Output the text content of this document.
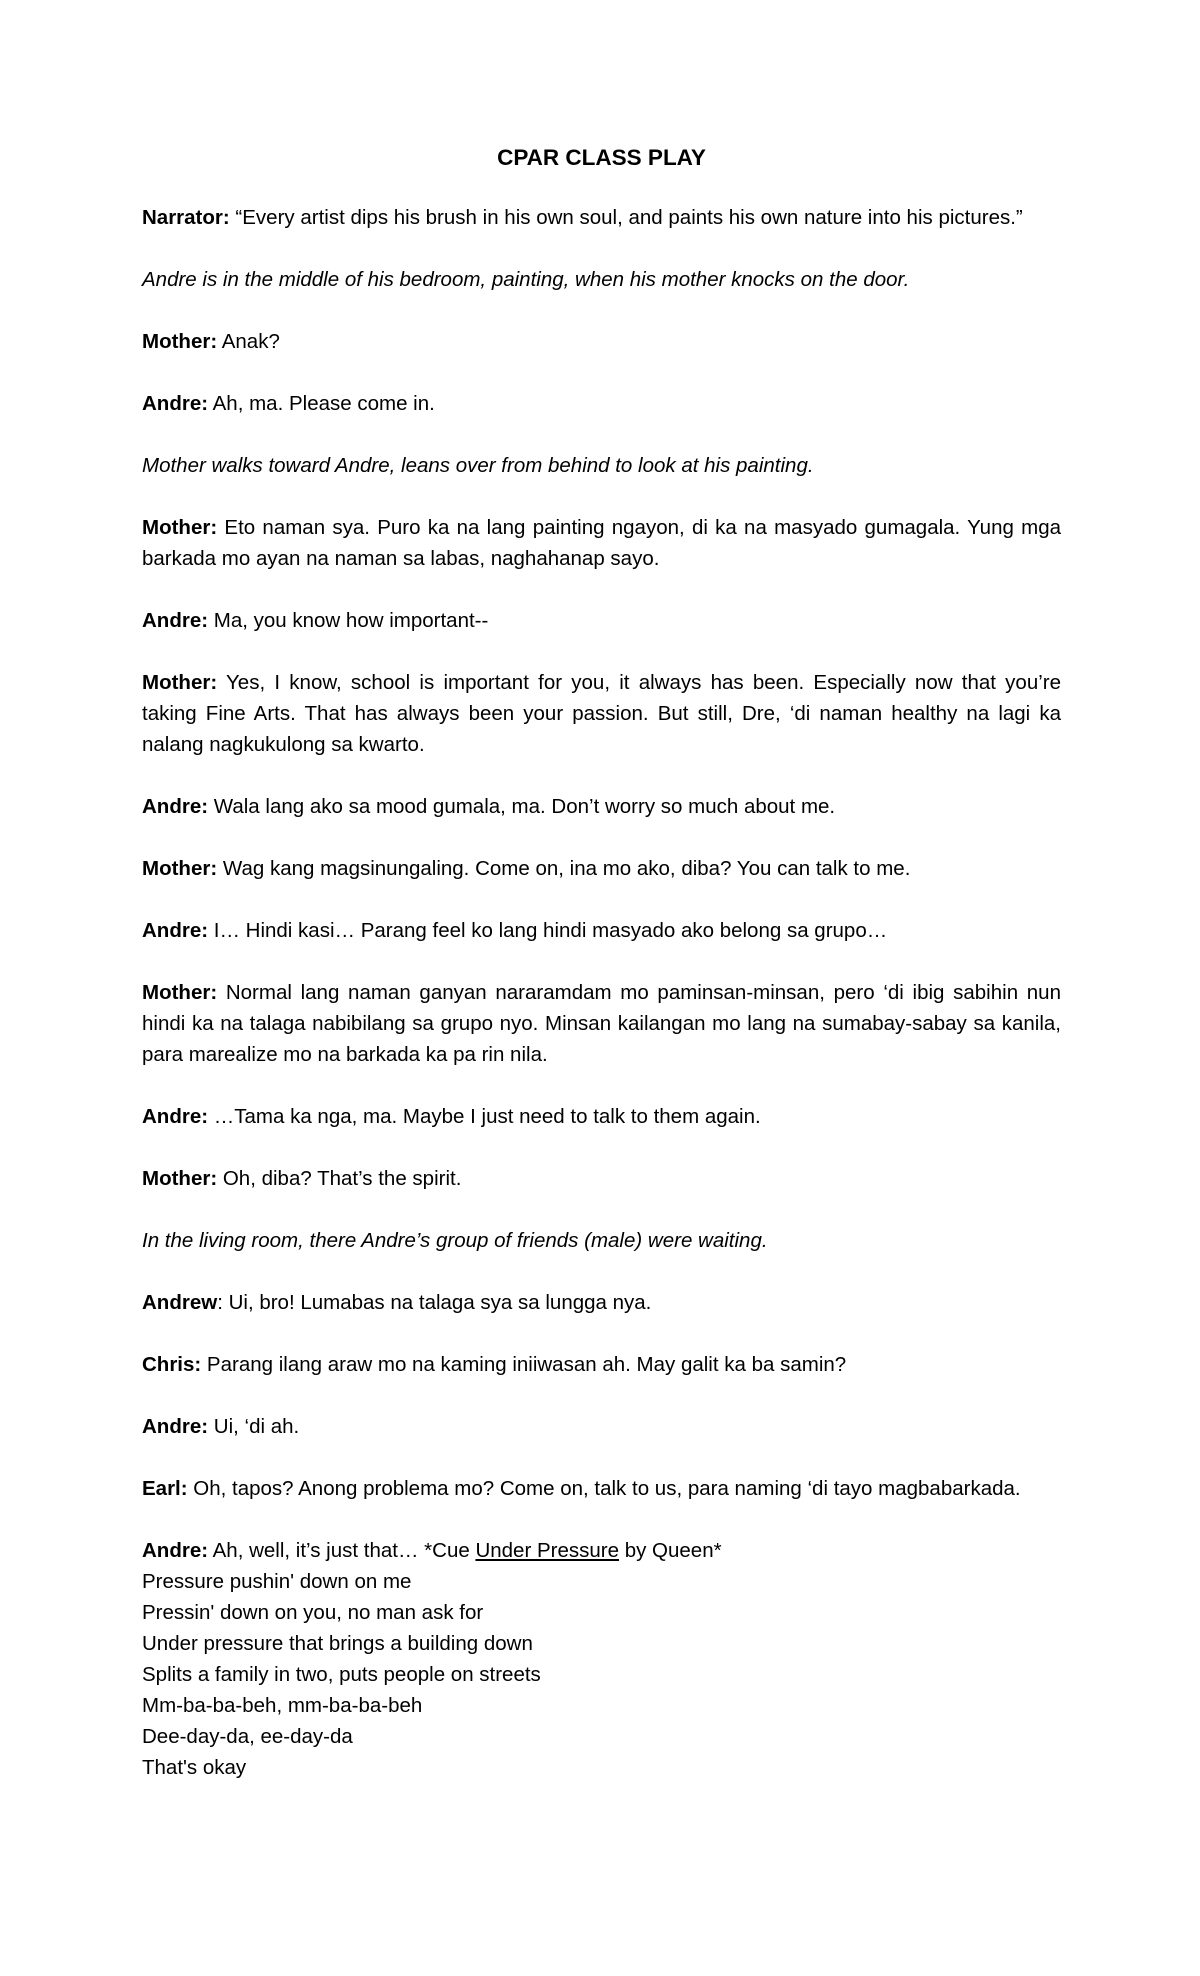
CPAR CLASS PLAY

Narrator: “Every artist dips his brush in his own soul, and paints his own nature into his pictures.”

Andre is in the middle of his bedroom, painting, when his mother knocks on the door.

Mother: Anak?

Andre: Ah, ma. Please come in.

Mother walks toward Andre, leans over from behind to look at his painting.

Mother: Eto naman sya. Puro ka na lang painting ngayon, di ka na masyado gumagala. Yung mga barkada mo ayan na naman sa labas, naghahanap sayo.

Andre: Ma, you know how important--

Mother: Yes, I know, school is important for you, it always has been. Especially now that you’re taking Fine Arts. That has always been your passion. But still, Dre, ‘di naman healthy na lagi ka nalang nagkukulong sa kwarto.

Andre: Wala lang ako sa mood gumala, ma. Don’t worry so much about me.

Mother: Wag kang magsinungaling. Come on, ina mo ako, diba? You can talk to me.

Andre: I… Hindi kasi… Parang feel ko lang hindi masyado ako belong sa grupo…

Mother: Normal lang naman ganyan nararamdam mo paminsan-minsan, pero ‘di ibig sabihin nun hindi ka na talaga nabibilang sa grupo nyo. Minsan kailangan mo lang na sumabay-sabay sa kanila, para marealize mo na barkada ka pa rin nila.

Andre: …Tama ka nga, ma. Maybe I just need to talk to them again.

Mother: Oh, diba? That’s the spirit.

In the living room, there Andre’s group of friends (male) were waiting.

Andrew: Ui, bro! Lumabas na talaga sya sa lungga nya.

Chris: Parang ilang araw mo na kaming iniiwasan ah. May galit ka ba samin?

Andre: Ui, ‘di ah.

Earl: Oh, tapos? Anong problema mo? Come on, talk to us, para naming ‘di tayo magbabarkada.

Andre: Ah, well, it’s just that… *Cue Under Pressure by Queen*
Pressure pushin' down on me
Pressin' down on you, no man ask for
Under pressure that brings a building down
Splits a family in two, puts people on streets
Mm-ba-ba-beh, mm-ba-ba-beh
Dee-day-da, ee-day-da
That's okay
